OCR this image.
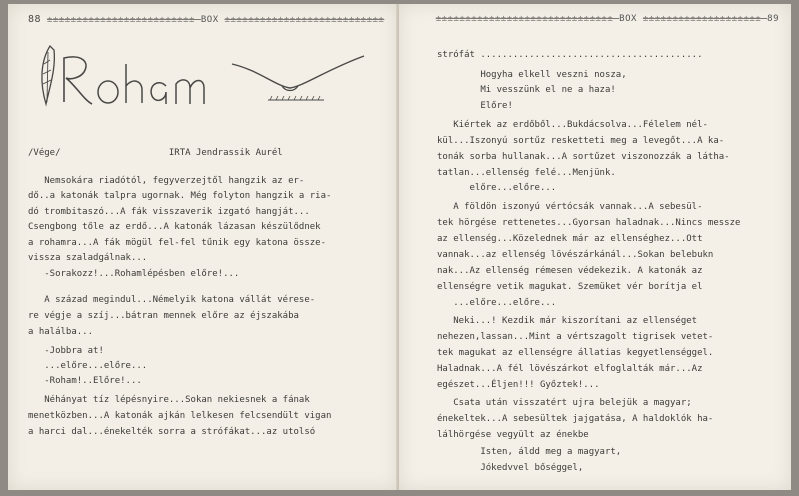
88 ±±±±±±±±±±±±±±±±±±±±±±±±± BOX ±±±±±±±±±±±±±±±±±±±±±±±±±±±
/Vége/                    IRTA Jendrassik Aurél
Nemsokára riadótól, fegyverzejtől hangzik az er-
dő..a katonák talpra ugornak. Még folyton hangzik a ria-
dó trombitaszó...A fák visszaverik izgató hangját...
Csengbong tőle az erdő...A katonák lázasan készülődnek
a rohamra...A fák mögül fel-fel tűnik egy katona össze-
vissza szaladgálnak...
-Sorakozz!...Rohamlépésben előre!...
A század megindul...Némelyik katona vállát vérese-
re végje a szíj...bátran mennek előre az éjszakába
a halálba...
-Jobbra at!
...előre...előre...
-Roham!..Előre!...
Néhányat tíz lépésnyire...Sokan nekiesnek a fának
menetközben...A katonák ajkán lelkesen felcsendült vigan
a harci dal...énekelték sorra a strófákat...az utolsó
±±±±±±±±±±±±±±±±±±±±±±±±±±±±±± BOX ±±±±±±±±±±±±±±±±±±±± 89
strófát .........................................
Hogyha elkell veszni nosza,
Mi vesszünk el ne a haza!
Előre!
Kiértek az erdőből...Bukdácsolva...Félelem nél-
kül...Iszonyú sortűz resketteti meg a levegőt...A ka-
tonák sorba hullanak...A sortűzet viszonozzák a látha-
tatlan...ellenség felé...Menjünk.
előre...előre...
A földön iszonyú vértócsák vannak...A sebesül-
tek hörgése rettenetes...Gyorsan haladnak...Nincs messze
az ellenség...Közelednek már az ellenséghez...Ott
vannak...az ellenség lövészárkánál...Sokan belebukn
nak...Az ellenség rémesen védekezik. A katonák az
ellenségre vetik magukat. Szemüket vér borítja el
...előre...előre...
Neki...! Kezdik már kiszorítani az ellenséget
nehezen,lassan...Mint a vértszagolt tigrisek vetet-
tek magukat az ellenségre állatias kegyetlenséggel.
Haladnak...A fél lövészárkot elfoglalták már...Az
egészet...Éljen!!! Győztek!...
Csata után visszatért ujra belejük a magyar;
énekeltek...A sebesültek jajgatása, A haldoklók ha-
lálhörgése vegyült az énekbe
Isten, áldd meg a magyart,
Jókedvvel bőséggel,
